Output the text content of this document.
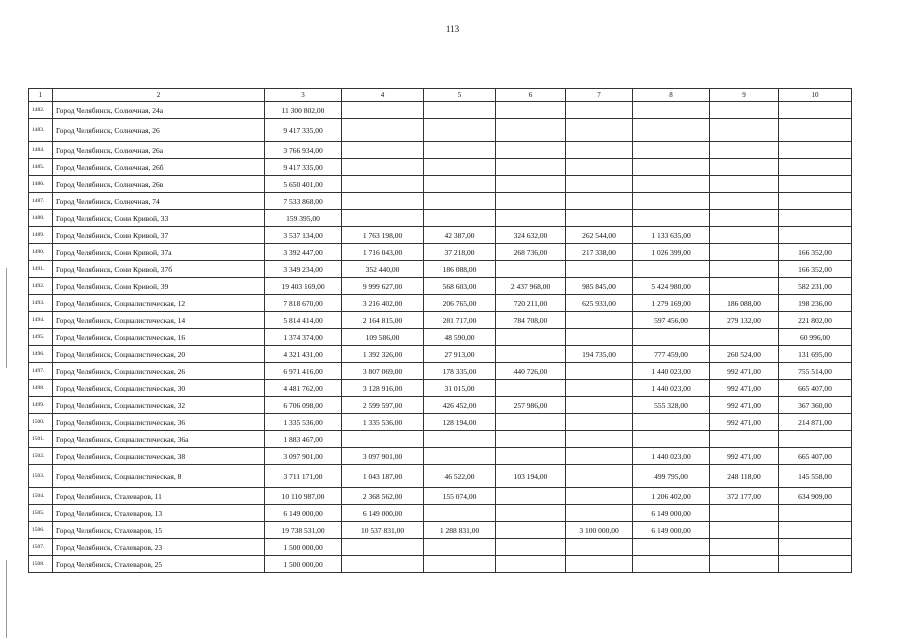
113
1	2	3	4	5	6	7	8	9	10
1482.	Город Челябинск, Солнечная, 24а	11 300 802,00							
1483.	Город Челябинск, Солнечная, 26	9 417 335,00							
1484.	Город Челябинск, Солнечная, 26а	3 766 934,00							
1485.	Город Челябинск, Солнечная, 26б	9 417 335,00							
1486.	Город Челябинск, Солнечная, 26в	5 650 401,00							
1487.	Город Челябинск, Солнечная, 74	7 533 868,00							
1488.	Город Челябинск, Сони Кривой, 33	159 395,00							
1489.	Город Челябинск, Сони Кривой, 37	3 537 134,00	1 763 198,00	42 387,00	324 632,00	262 544,00	1 133 635,00		
1490.	Город Челябинск, Сони Кривой, 37а	3 392 447,00	1 716 043,00	37 218,00	268 736,00	217 338,00	1 026 399,00		166 352,00
1491.	Город Челябинск, Сони Кривой, 37б	3 349 234,00	352 440,00	186 088,00					166 352,00
1492.	Город Челябинск, Сони Кривой, 39	19 403 169,00	9 999 627,00	568 603,00	2 437 968,00	985 845,00	5 424 980,00		582 231,00
1493.	Город Челябинск, Социалистическая, 12	7 818 670,00	3 216 402,00	206 765,00	720 211,00	625 933,00	1 279 169,00	186 088,00	198 236,00
1494.	Город Челябинск, Социалистическая, 14	5 814 414,00	2 164 815,00	281 717,00	784 708,00		597 456,00	279 132,00	221 802,00
1495.	Город Челябинск, Социалистическая, 16	1 374 374,00	109 586,00	48 590,00					60 996,00
1496.	Город Челябинск, Социалистическая, 20	4 321 431,00	1 392 326,00	27 913,00		194 735,00	777 459,00	260 524,00	131 695,00
1497.	Город Челябинск, Социалистическая, 26	6 971 416,00	3 807 069,00	178 335,00	440 726,00		1 440 023,00	992 471,00	755 514,00
1498.	Город Челябинск, Социалистическая, 30	4 481 762,00	3 128 916,00	31 015,00			1 440 023,00	992 471,00	665 407,00
1499.	Город Челябинск, Социалистическая, 32	6 706 098,00	2 599 597,00	426 452,00	257 986,00		555 328,00	992 471,00	367 360,00
1500.	Город Челябинск, Социалистическая, 36	1 335 536,00	1 335 536,00	128 194,00				992 471,00	214 871,00
1501.	Город Челябинск, Социалистическая, 36а	1 883 467,00							
1502.	Город Челябинск, Социалистическая, 38	3 097 901,00	3 097 901,00				1 440 023,00	992 471,00	665 407,00
1503.	Город Челябинск, Социалистическая, 8	3 711 171,00	1 043 187,00	46 522,00	103 194,00		499 795,00	248 118,00	145 558,00
1504.	Город Челябинск, Сталеваров, 11	10 110 987,00	2 368 562,00	155 074,00			1 206 402,00	372 177,00	634 909,00
1505.	Город Челябинск, Сталеваров, 13	6 149 000,00	6 149 000,00				6 149 000,00		
1506.	Город Челябинск, Сталеваров, 15	19 738 531,00	10 537 831,00	1 288 831,00		3 100 000,00	6 149 000,00		
1507.	Город Челябинск, Сталеваров, 23	1 500 000,00							
1508.	Город Челябинск, Сталеваров, 25	1 500 000,00							
